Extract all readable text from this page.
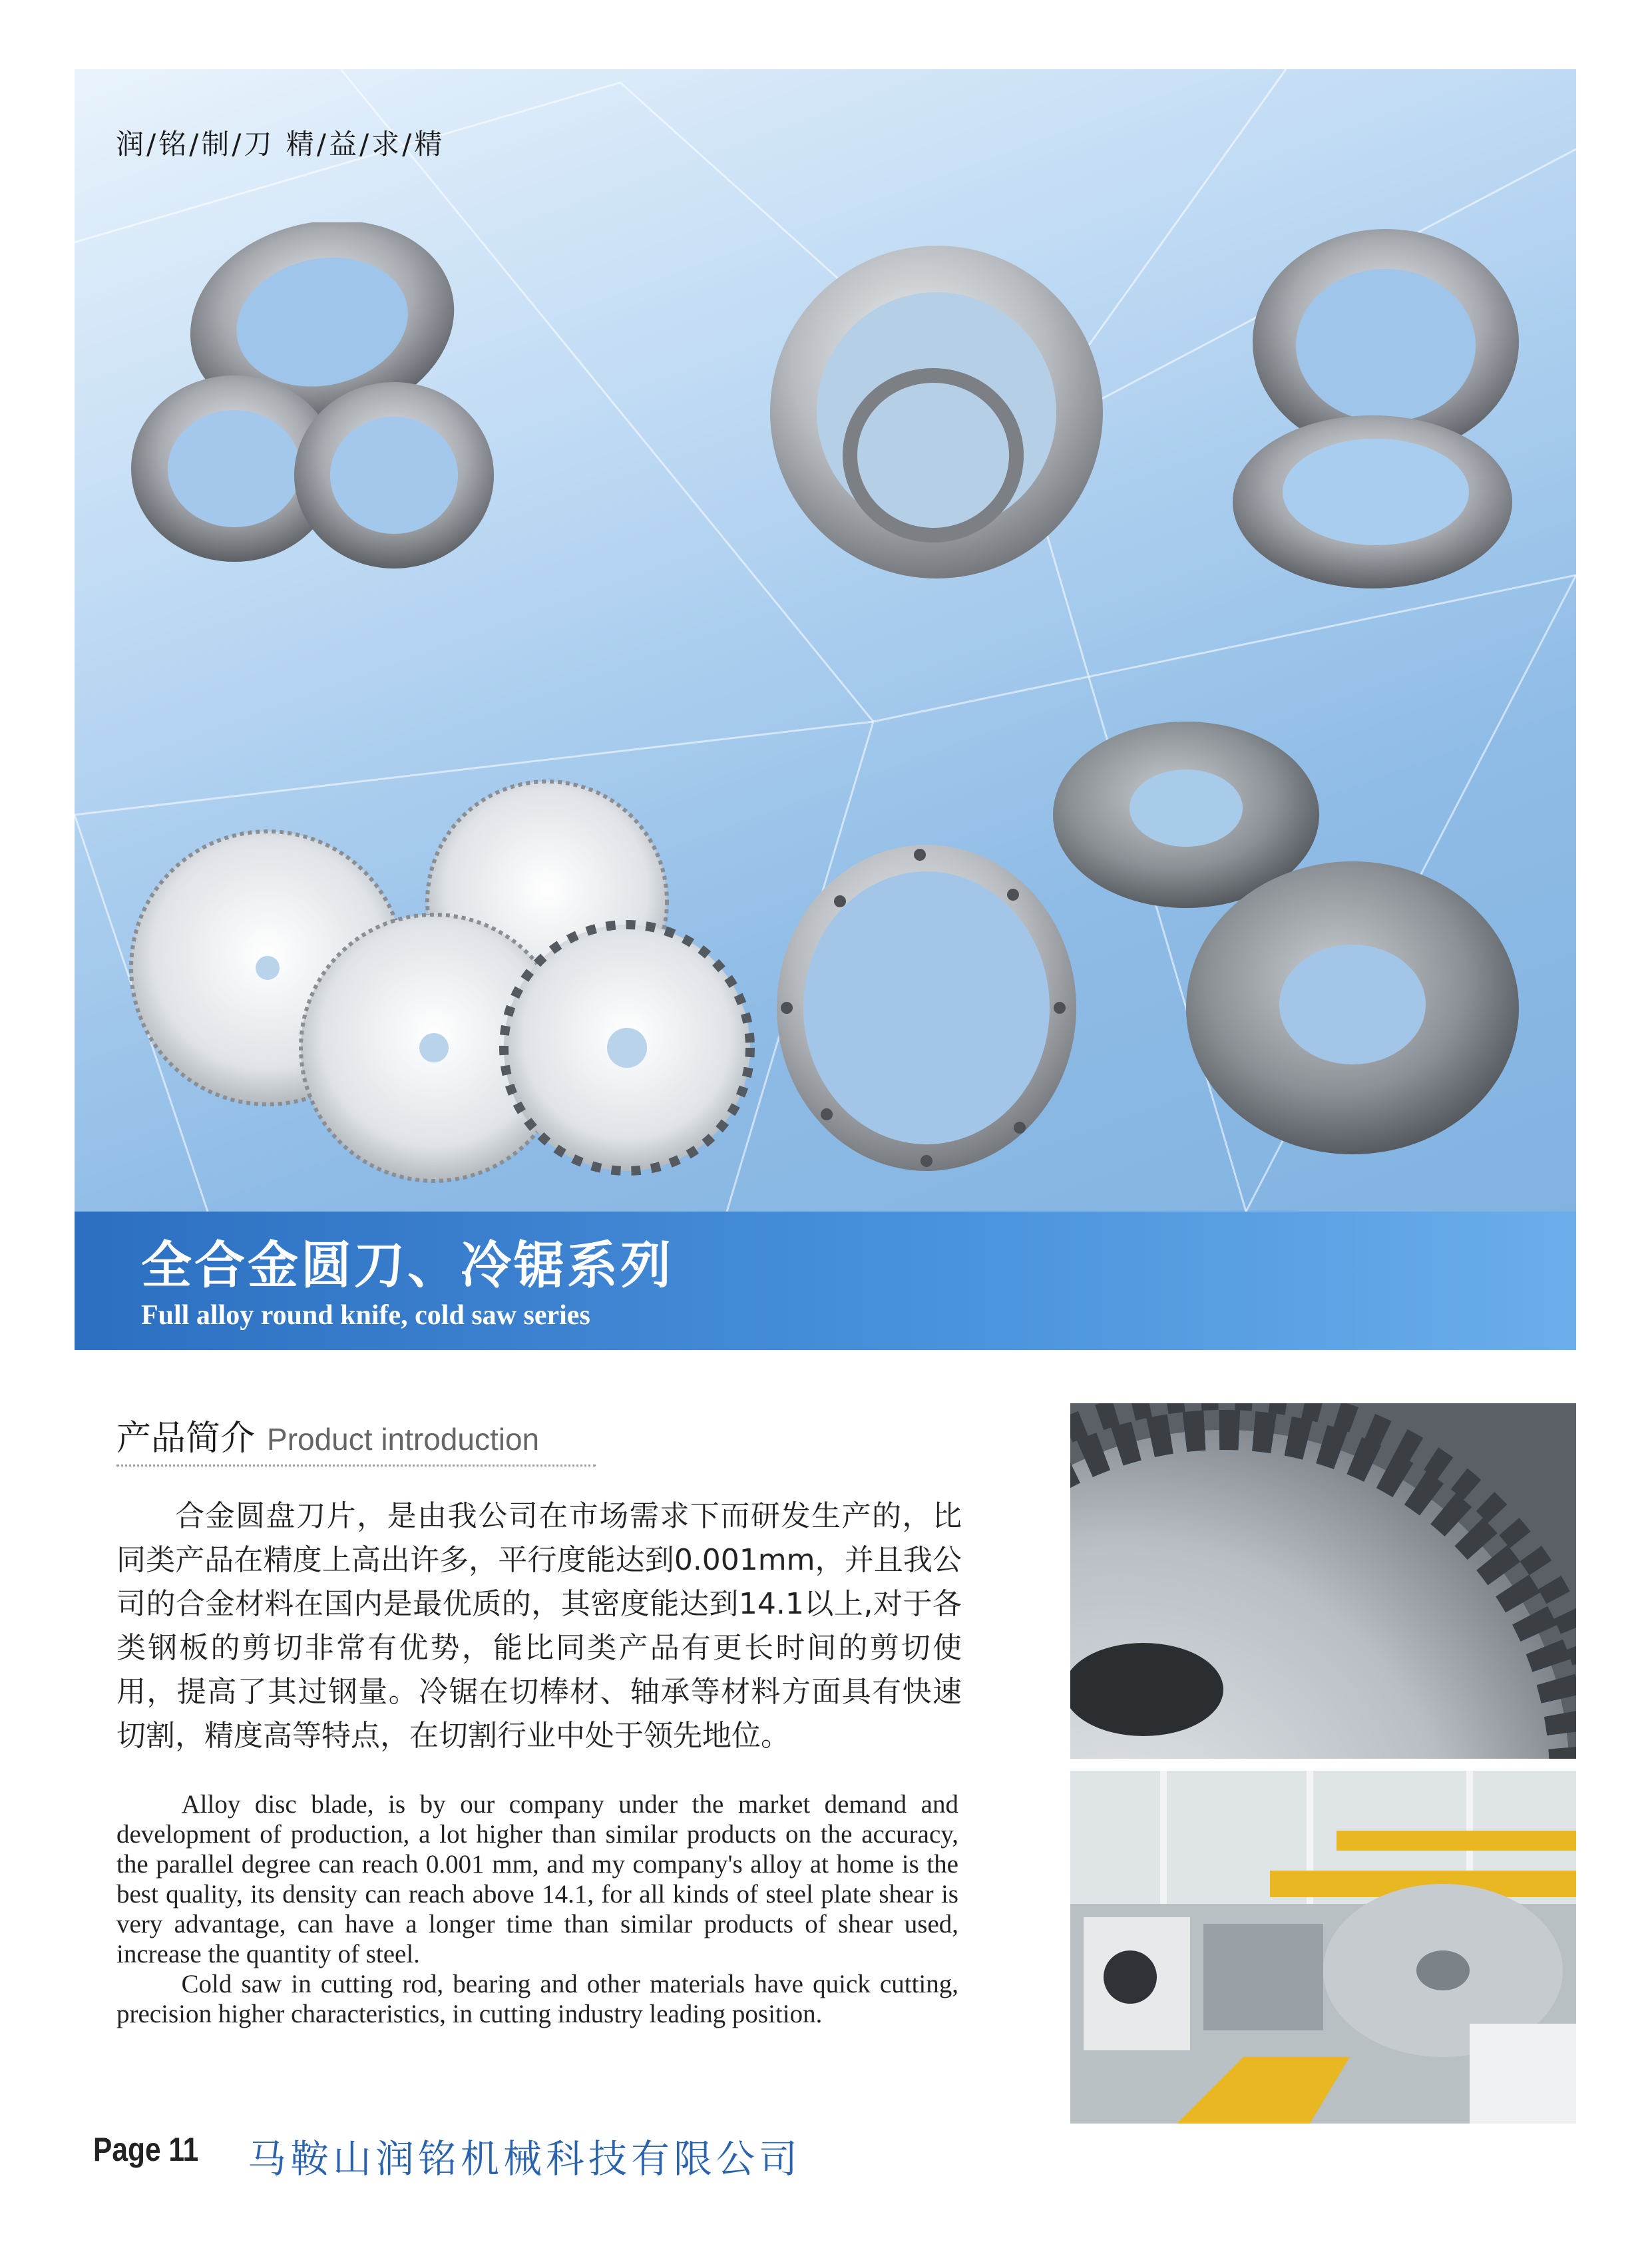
润/铭/制/刀 精/益/求/精
全合金圆刀、冷锯系列
Full alloy round knife, cold saw series
产品简介 Product introduction

合金圆盘刀片，是由我公司在市场需求下而研发生产的，比同类产品在精度上高出许多，平行度能达到0.001mm，并且我公司的合金材料在国内是最优质的，其密度能达到14.1以上,对于各类钢板的剪切非常有优势，能比同类产品有更长时间的剪切使用，提高了其过钢量。冷锯在切棒材、轴承等材料方面具有快速切割，精度高等特点，在切割行业中处于领先地位。

Alloy disc blade, is by our company under the market demand and development of production, a lot higher than similar products on the accuracy, the parallel degree can reach 0.001 mm, and my company's alloy at home is the best quality, its density can reach above 14.1, for all kinds of steel plate shear is very advantage, can have a longer time than similar products of shear used, increase the quantity of steel.

Cold saw in cutting rod, bearing and other materials have quick cutting, precision higher characteristics, in cutting industry leading position.

Page 11 马鞍山润铭机械科技有限公司
